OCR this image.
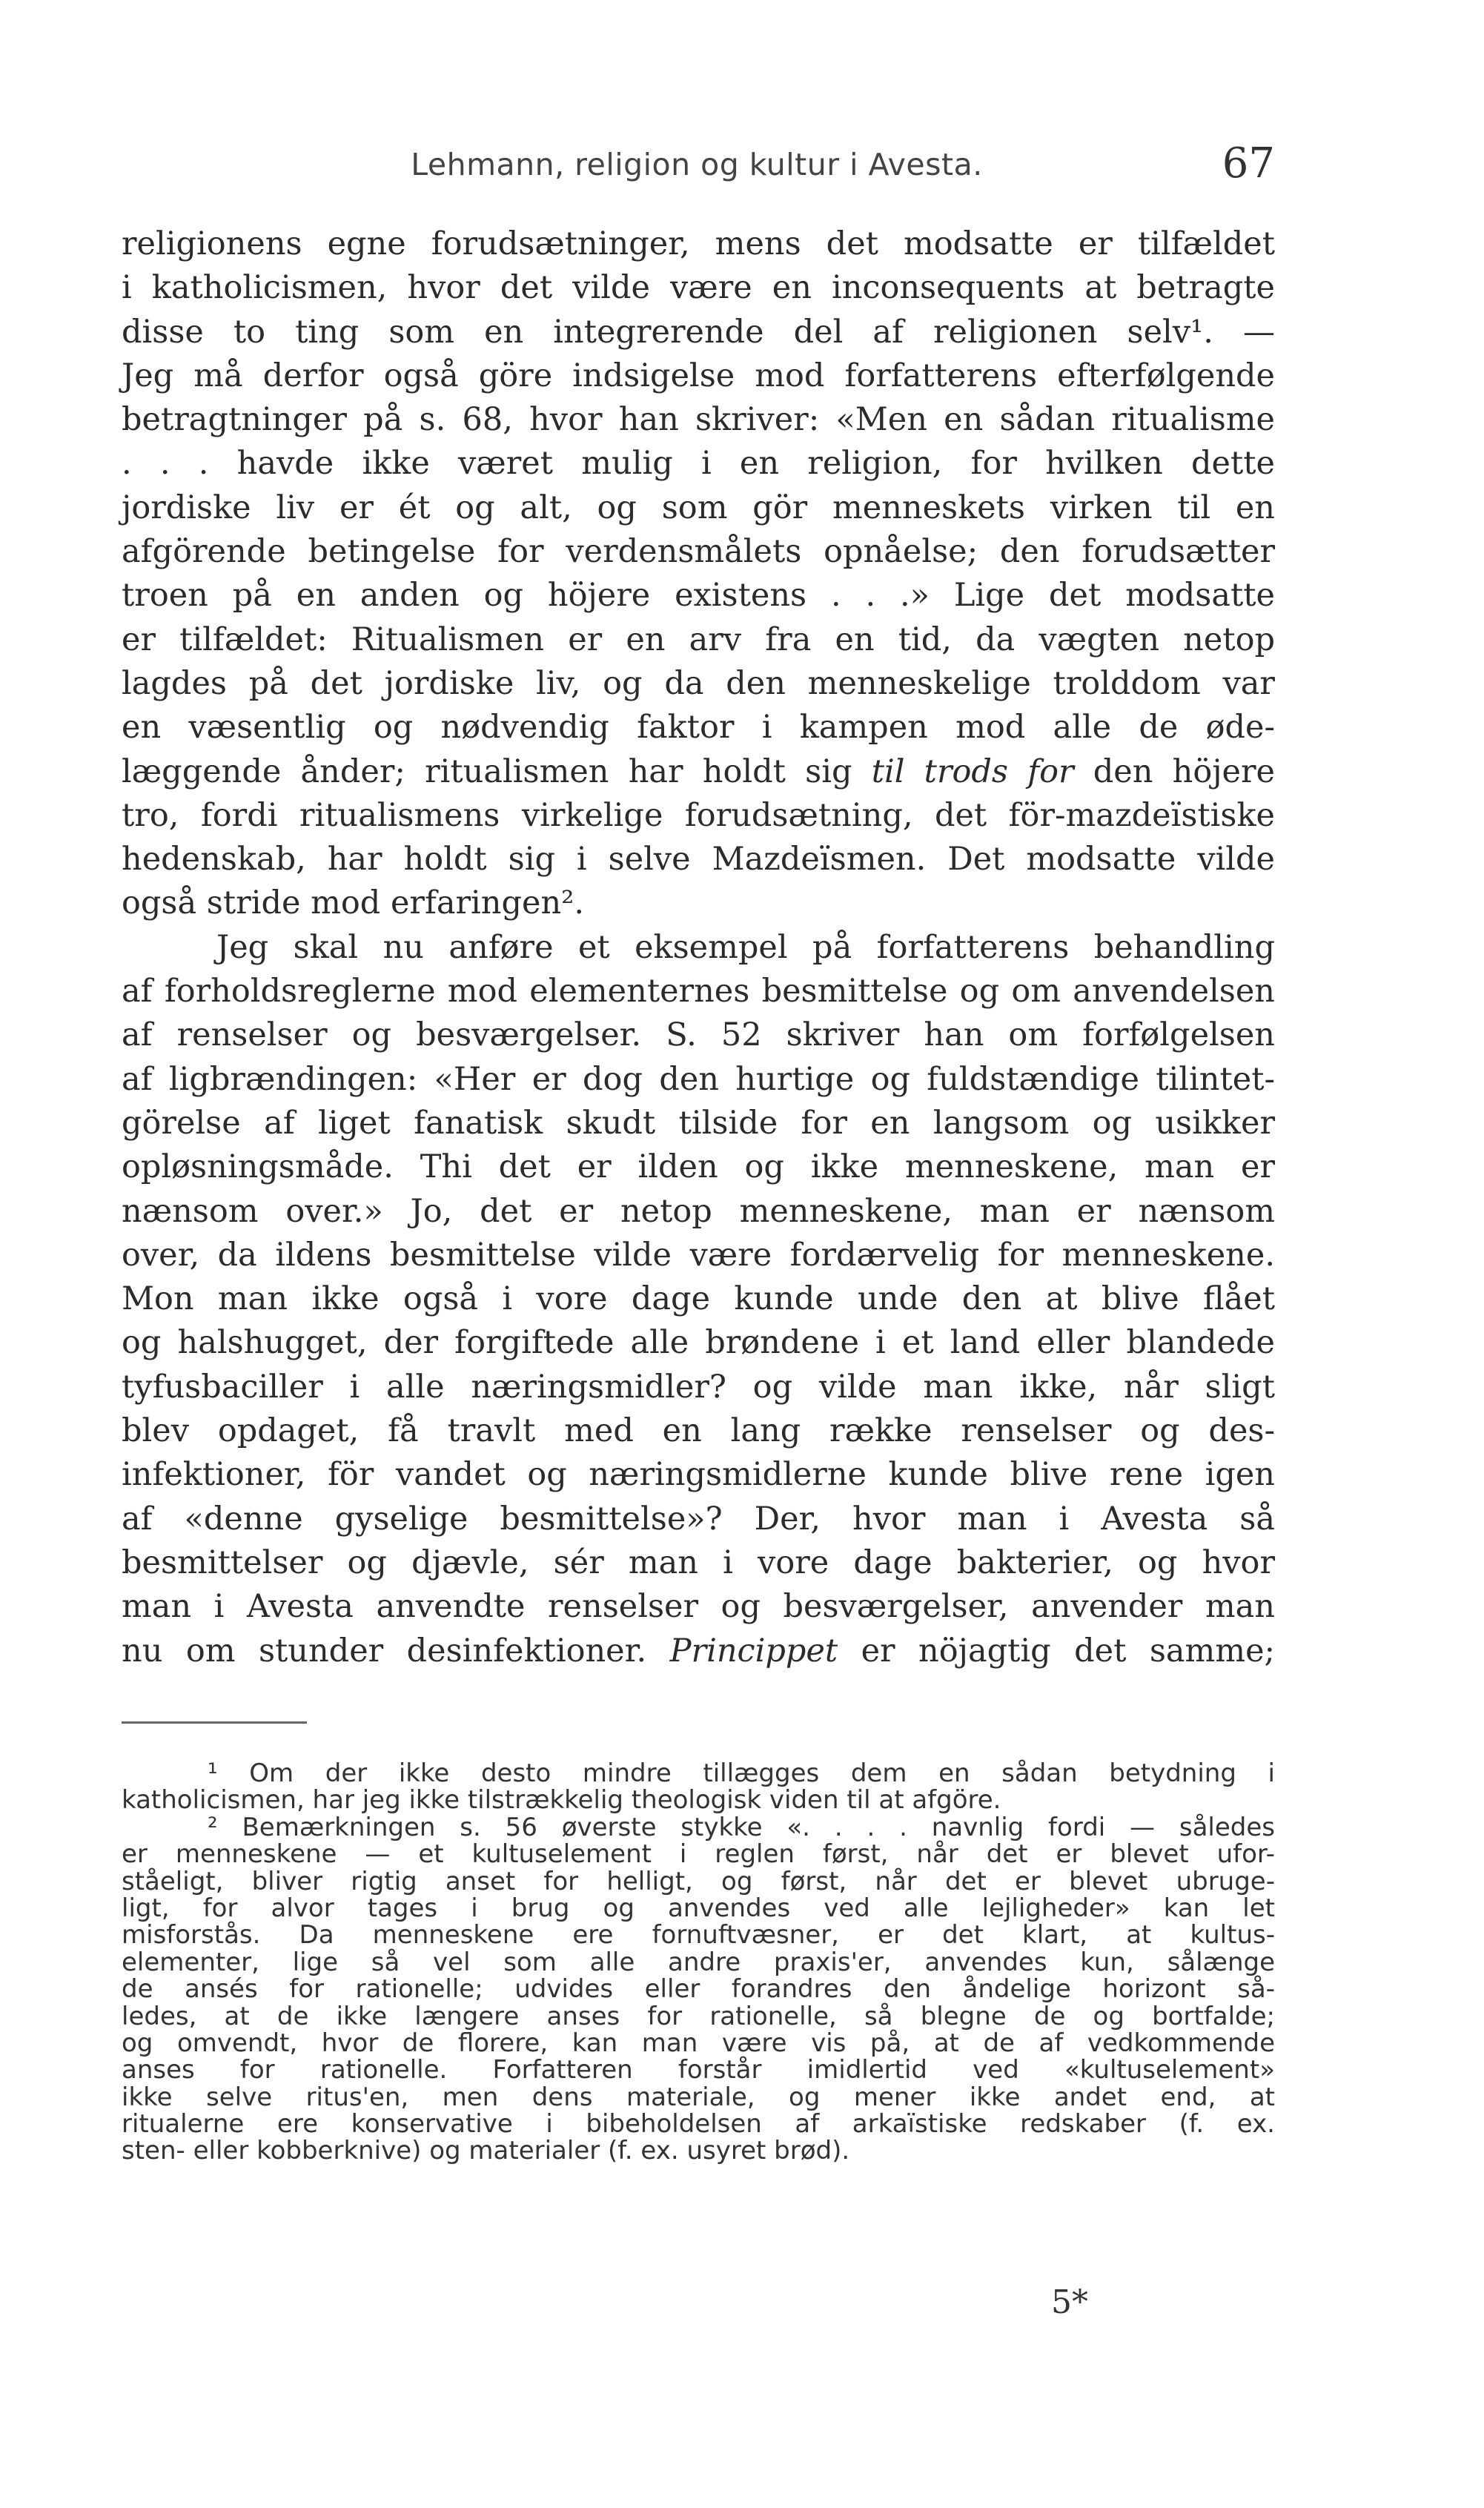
Lehmann, religion og kultur i Avesta.	67
religionens egne forudsætninger, mens det modsatte er tilfældet
i katholicismen, hvor det vilde være en inconsequents at betragte
disse to ting som en integrerende del af religionen selv¹. —
Jeg må derfor også göre indsigelse mod forfatterens efterfølgende
betragtninger på s. 68, hvor han skriver: «Men en sådan ritualisme
. . . havde ikke været mulig i en religion, for hvilken dette
jordiske liv er ét og alt, og som gör menneskets virken til en
afgörende betingelse for verdensmålets opnåelse; den forudsætter
troen på en anden og höjere existens . . .» Lige det modsatte
er tilfældet: Ritualismen er en arv fra en tid, da vægten netop
lagdes på det jordiske liv, og da den menneskelige trolddom var
en væsentlig og nødvendig faktor i kampen mod alle de øde-
læggende ånder; ritualismen har holdt sig til trods for den höjere
tro, fordi ritualismens virkelige forudsætning, det för-mazdeïstiske
hedenskab, har holdt sig i selve Mazdeïsmen. Det modsatte vilde
også stride mod erfaringen².
Jeg skal nu anføre et eksempel på forfatterens behandling
af forholdsreglerne mod elementernes besmittelse og om anvendelsen
af renselser og besværgelser. S. 52 skriver han om forfølgelsen
af ligbrændingen: «Her er dog den hurtige og fuldstændige tilintet-
görelse af liget fanatisk skudt tilside for en langsom og usikker
opløsningsmåde. Thi det er ilden og ikke menneskene, man er
nænsom over.» Jo, det er netop menneskene, man er nænsom
over, da ildens besmittelse vilde være fordærvelig for menneskene.
Mon man ikke også i vore dage kunde unde den at blive flået
og halshugget, der forgiftede alle brøndene i et land eller blandede
tyfusbaciller i alle næringsmidler? og vilde man ikke, når sligt
blev opdaget, få travlt med en lang række renselser og des-
infektioner, för vandet og næringsmidlerne kunde blive rene igen
af «denne gyselige besmittelse»? Der, hvor man i Avesta så
besmittelser og djævle, sér man i vore dage bakterier, og hvor
man i Avesta anvendte renselser og besværgelser, anvender man
nu om stunder desinfektioner. Princippet er nöjagtig det samme;
¹ Om der ikke desto mindre tillægges dem en sådan betydning i
katholicismen, har jeg ikke tilstrækkelig theologisk viden til at afgöre.
² Bemærkningen s. 56 øverste stykke «. . . . navnlig fordi — således
er menneskene — et kultuselement i reglen først, når det er blevet ufor-
ståeligt, bliver rigtig anset for helligt, og først, når det er blevet ubruge-
ligt, for alvor tages i brug og anvendes ved alle lejligheder» kan let
misforstås. Da menneskene ere fornuftvæsner, er det klart, at kultus-
elementer, lige så vel som alle andre praxis'er, anvendes kun, sålænge
de ansés for rationelle; udvides eller forandres den åndelige horizont så-
ledes, at de ikke længere anses for rationelle, så blegne de og bortfalde;
og omvendt, hvor de florere, kan man være vis på, at de af vedkommende
anses for rationelle. Forfatteren forstår imidlertid ved «kultuselement»
ikke selve ritus'en, men dens materiale, og mener ikke andet end, at
ritualerne ere konservative i bibeholdelsen af arkaïstiske redskaber (f. ex.
sten- eller kobberknive) og materialer (f. ex. usyret brød).
5*
